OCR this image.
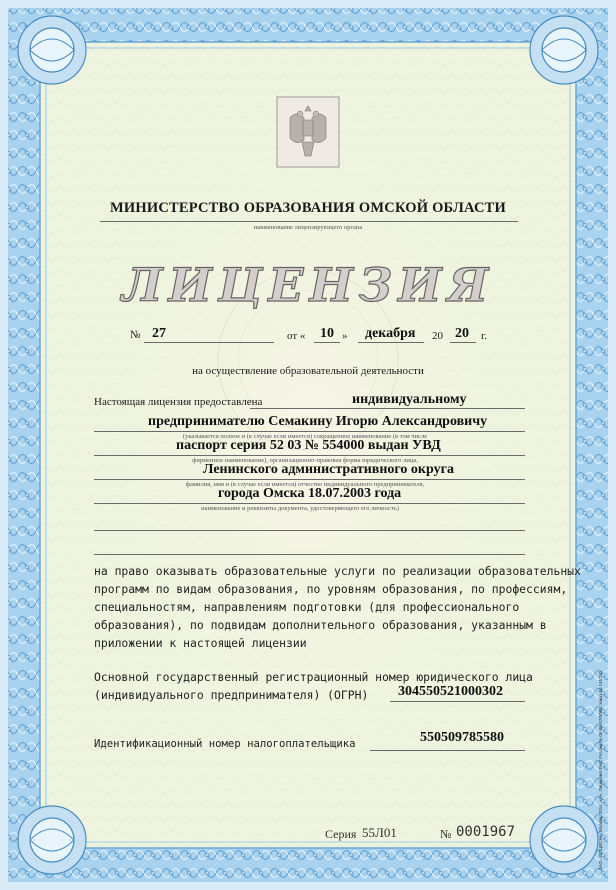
МИНИСТЕРСТВО ОБРАЗОВАНИЯ ОМСКОЙ ОБЛАСТИ
наименование лицензирующего органа
ЛИЦЕНЗИЯ
№ 27	от « 10 » декабря 20 20 г.
на осуществление образовательной деятельности
Настоящая лицензия предоставлена	индивидуальному
предпринимателю Семакину Игорю Александровичу
(указывается полное и (в случае если имеется) сокращенное наименование (в том числе
паспорт серия 52 03 № 554000 выдан УВД
фирменное наименование), организационно-правовая форма юридического лица,
Ленинского административного округа
фамилия, имя и (в случае если имеется) отчество индивидуального предпринимателя,
города Омска 18.07.2003 года
наименование и реквизиты документа, удостоверяющего его личность)
на право оказывать образовательные услуги по реализации образовательных
программ по видам образования, по уровням образования, по профессиям,
специальностям, направлениям подготовки (для профессионального
образования), по подвидам дополнительного образования, указанным в
приложении к настоящей лицензии
Основной государственный регистрационный номер юридического лица
(индивидуального предпринимателя) (ОГРН) 304550521000302
Идентификационный номер налогоплательщика	550509785580
Серия 55Л01	№ 0001967	ЗАО «ОПЦИОН», Москва, 2014. «А». Лицензия ФНС России № 08-05-07/0085, заказ № 145710.
